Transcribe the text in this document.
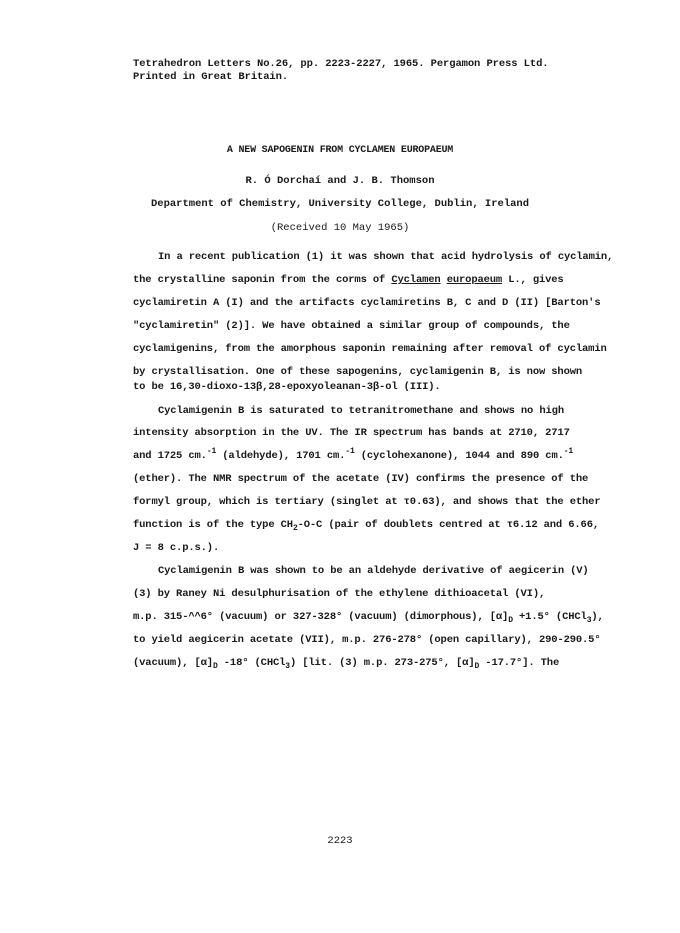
Tetrahedron Letters No.26, pp. 2223-2227, 1965. Pergamon Press Ltd.
Printed in Great Britain.
A NEW SAPOGENIN FROM CYCLAMEN EUROPAEUM
R. Ó Dorchaí and J. B. Thomson
Department of Chemistry, University College, Dublin, Ireland
(Received 10 May 1965)
In a recent publication (1) it was shown that acid hydrolysis of cyclamin,
the crystalline saponin from the corms of Cyclamen europaeum L., gives
cyclamiretin A (I) and the artifacts cyclamiretins B, C and D (II) [Barton's
"cyclamiretin" (2)]. We have obtained a similar group of compounds, the
cyclamigenins, from the amorphous saponin remaining after removal of cyclamin
by crystallisation. One of these sapogenins, cyclamigenin B, is now shown
to be 16,30-dioxo-13β,28-epoxyoleanan-3β-ol (III).
Cyclamigenin B is saturated to tetranitromethane and shows no high
intensity absorption in the UV. The IR spectrum has bands at 2710, 2717
and 1725 cm.$^{-1}$ (aldehyde), 1701 cm.$^{-1}$ (cyclohexanone), 1044 and 890 cm.$^{-1}$
(ether). The NMR spectrum of the acetate (IV) confirms the presence of the
formyl group, which is tertiary (singlet at τ0.63), and shows that the ether
function is of the type $CH_2-O-C$ (pair of doublets centred at τ6.12 and 6.66,
J = 8 c.p.s.).
Cyclamigenin B was shown to be an aldehyde derivative of aegicerin (V)
(3) by Raney Ni desulphurisation of the ethylene dithioacetal (VI),
m.p. 315-^^6° (vacuum) or 327-328° (vacuum) (dimorphous), $[\alpha]_D +1.5^\circ$ (CHCl$_3$),
to yield aegicerin acetate (VII), m.p. 276-278° (open capillary), 290-290.5°
(vacuum), $[\alpha]_D$ -18° (CHCl$_3$) [lit. (3) m.p. 273-275°, $[\alpha]_D$ -17.7°]. The
2223
